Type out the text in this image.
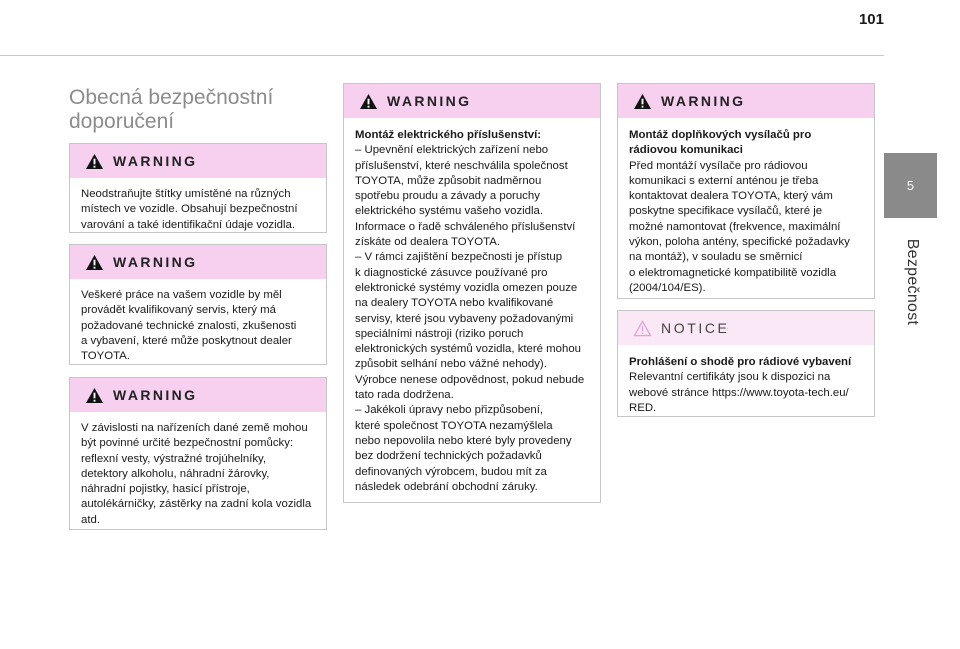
101
5
Bezpečnost
Obecná bezpečnostní doporučení
WARNING

Neodstraňujte štítky umístěné na různých

místech ve vozidle. Obsahují bezpečnostní

varování a také identifikační údaje vozidla.

WARNING

Veškeré práce na vašem vozidle by měl

provádět kvalifikovaný servis, který má

požadované technické znalosti, zkušenosti

a vybavení, které může poskytnout dealer

TOYOTA.

WARNING

V závislosti na nařízeních dané země mohou

být povinné určité bezpečnostní pomůcky:

reflexní vesty, výstražné trojúhelníky,

detektory alkoholu, náhradní žárovky,

náhradní pojistky, hasicí přístroje,

autolékárničky, zástěrky na zadní kola vozidla

atd.

WARNING

Montáž elektrického příslušenství:

– Upevnění elektrických zařízení nebo

příslušenství, které neschválila společnost

TOYOTA, může způsobit nadměrnou

spotřebu proudu a závady a poruchy

elektrického systému vašeho vozidla.

Informace o řadě schváleného příslušenství

získáte od dealera TOYOTA.

– V rámci zajištění bezpečnosti je přístup

k diagnostické zásuvce používané pro

elektronické systémy vozidla omezen pouze

na dealery TOYOTA nebo kvalifikované

servisy, které jsou vybaveny požadovanými

speciálními nástroji (riziko poruch

elektronických systémů vozidla, které mohou

způsobit selhání nebo vážné nehody).

Výrobce nenese odpovědnost, pokud nebude

tato rada dodržena.

– Jakékoli úpravy nebo přizpůsobení,

které společnost TOYOTA nezamýšlela

nebo nepovolila nebo které byly provedeny

bez dodržení technických požadavků

definovaných výrobcem, budou mít za

následek odebrání obchodní záruky.

WARNING

Montáž doplňkových vysílačů pro

rádiovou komunikaci

Před montáží vysílače pro rádiovou

komunikaci s externí anténou je třeba

kontaktovat dealera TOYOTA, který vám

poskytne specifikace vysílačů, které je

možné namontovat (frekvence, maximální

výkon, poloha antény, specifické požadavky

na montáž), v souladu se směrnicí

o elektromagnetické kompatibilitě vozidla

(2004/104/ES).

NOTICE

Prohlášení o shodě pro rádiové vybavení

Relevantní certifikáty jsou k dispozici na

webové stránce https://www.toyota-tech.eu/

RED.
